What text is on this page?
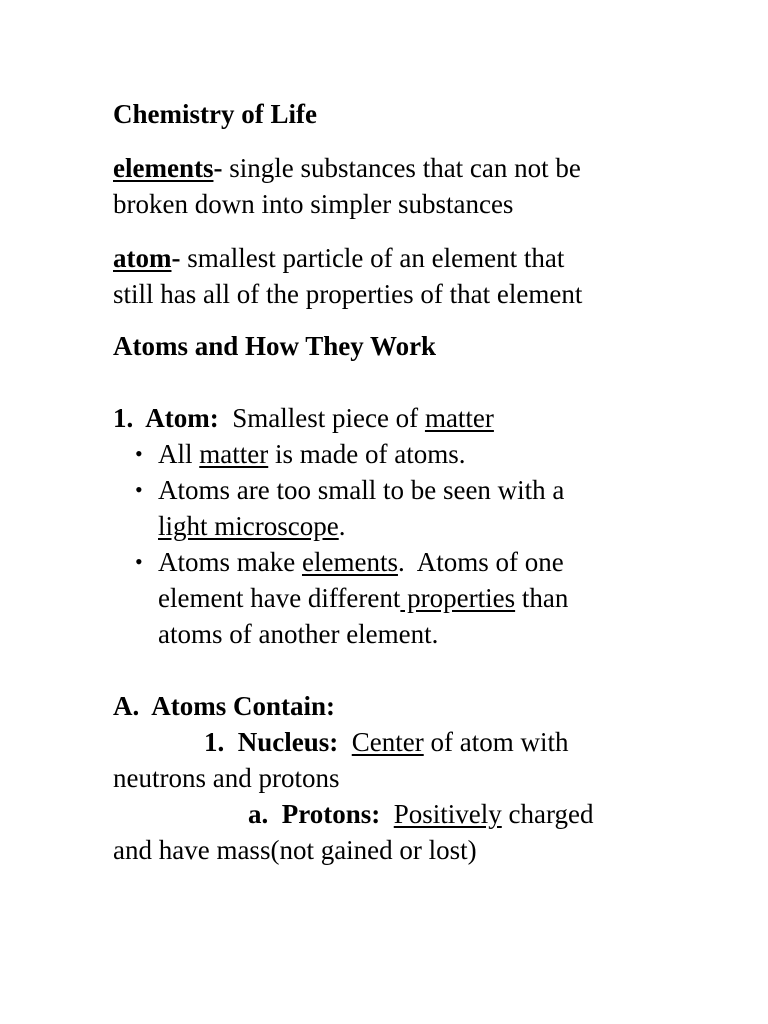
Chemistry of Life
elements- single substances that can not be
broken down into simpler substances
atom- smallest particle of an element that
still has all of the properties of that element
Atoms and How They Work
1.  Atom:  Smallest piece of matter
• All matter is made of atoms.
• Atoms are too small to be seen with a
light microscope.
• Atoms make elements.  Atoms of one
element have different properties than
atoms of another element.
A.  Atoms Contain:
1.  Nucleus: Center of atom with
neutrons and protons
a.  Protons: Positively charged
and have mass(not gained or lost)
